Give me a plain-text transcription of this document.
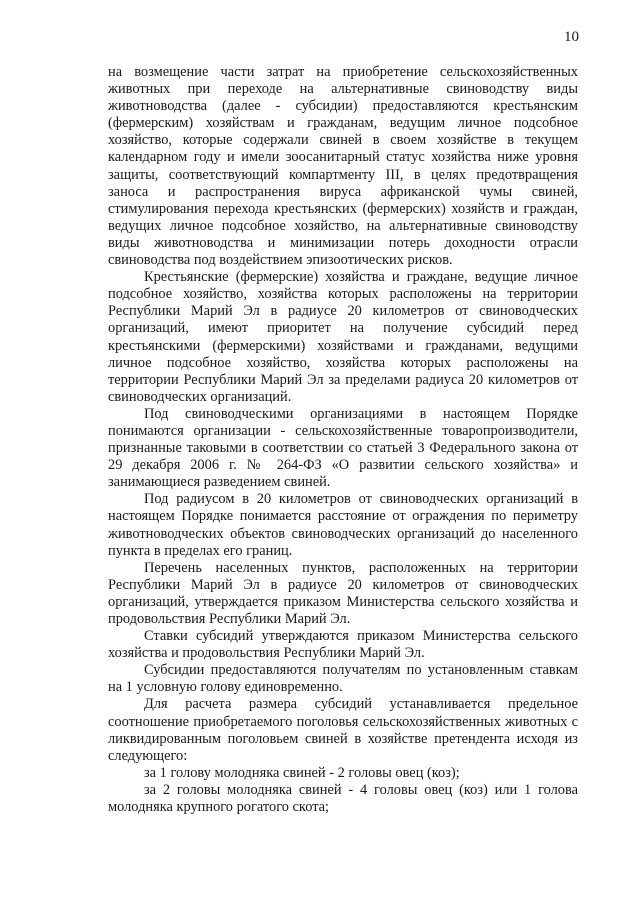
10

на возмещение части затрат на приобретение сельскохозяйственных животных при переходе на альтернативные свиноводству виды животноводства (далее - субсидии) предоставляются крестьянским (фермерским) хозяйствам и гражданам, ведущим личное подсобное хозяйство, которые содержали свиней в своем хозяйстве в текущем календарном году и имели зоосанитарный статус хозяйства ниже уровня защиты, соответствующий компартменту III, в целях предотвращения заноса и распространения вируса африканской чумы свиней, стимулирования перехода крестьянских (фермерских) хозяйств и граждан, ведущих личное подсобное хозяйство, на альтернативные свиноводству виды животноводства и минимизации потерь доходности отрасли свиноводства под воздействием эпизоотических рисков.

Крестьянские (фермерские) хозяйства и граждане, ведущие личное подсобное хозяйство, хозяйства которых расположены на территории Республики Марий Эл в радиусе 20 километров от свиноводческих организаций, имеют приоритет на получение субсидий перед крестьянскими (фермерскими) хозяйствами и гражданами, ведущими личное подсобное хозяйство, хозяйства которых расположены на территории Республики Марий Эл за пределами радиуса 20 километров от свиноводческих организаций.

Под свиноводческими организациями в настоящем Порядке понимаются организации - сельскохозяйственные товаропроизводители, признанные таковыми в соответствии со статьей 3 Федерального закона от 29 декабря 2006 г. № 264-ФЗ «О развитии сельского хозяйства» и занимающиеся разведением свиней.

Под радиусом в 20 километров от свиноводческих организаций в настоящем Порядке понимается расстояние от ограждения по периметру животноводческих объектов свиноводческих организаций до населенного пункта в пределах его границ.

Перечень населенных пунктов, расположенных на территории Республики Марий Эл в радиусе 20 километров от свиноводческих организаций, утверждается приказом Министерства сельского хозяйства и продовольствия Республики Марий Эл.

Ставки субсидий утверждаются приказом Министерства сельского хозяйства и продовольствия Республики Марий Эл.

Субсидии предоставляются получателям по установленным ставкам на 1 условную голову единовременно.

Для расчета размера субсидий устанавливается предельное соотношение приобретаемого поголовья сельскохозяйственных животных с ликвидированным поголовьем свиней в хозяйстве претендента исходя из следующего:

за 1 голову молодняка свиней - 2 головы овец (коз);

за 2 головы молодняка свиней - 4 головы овец (коз) или 1 голова молодняка крупного рогатого скота;
